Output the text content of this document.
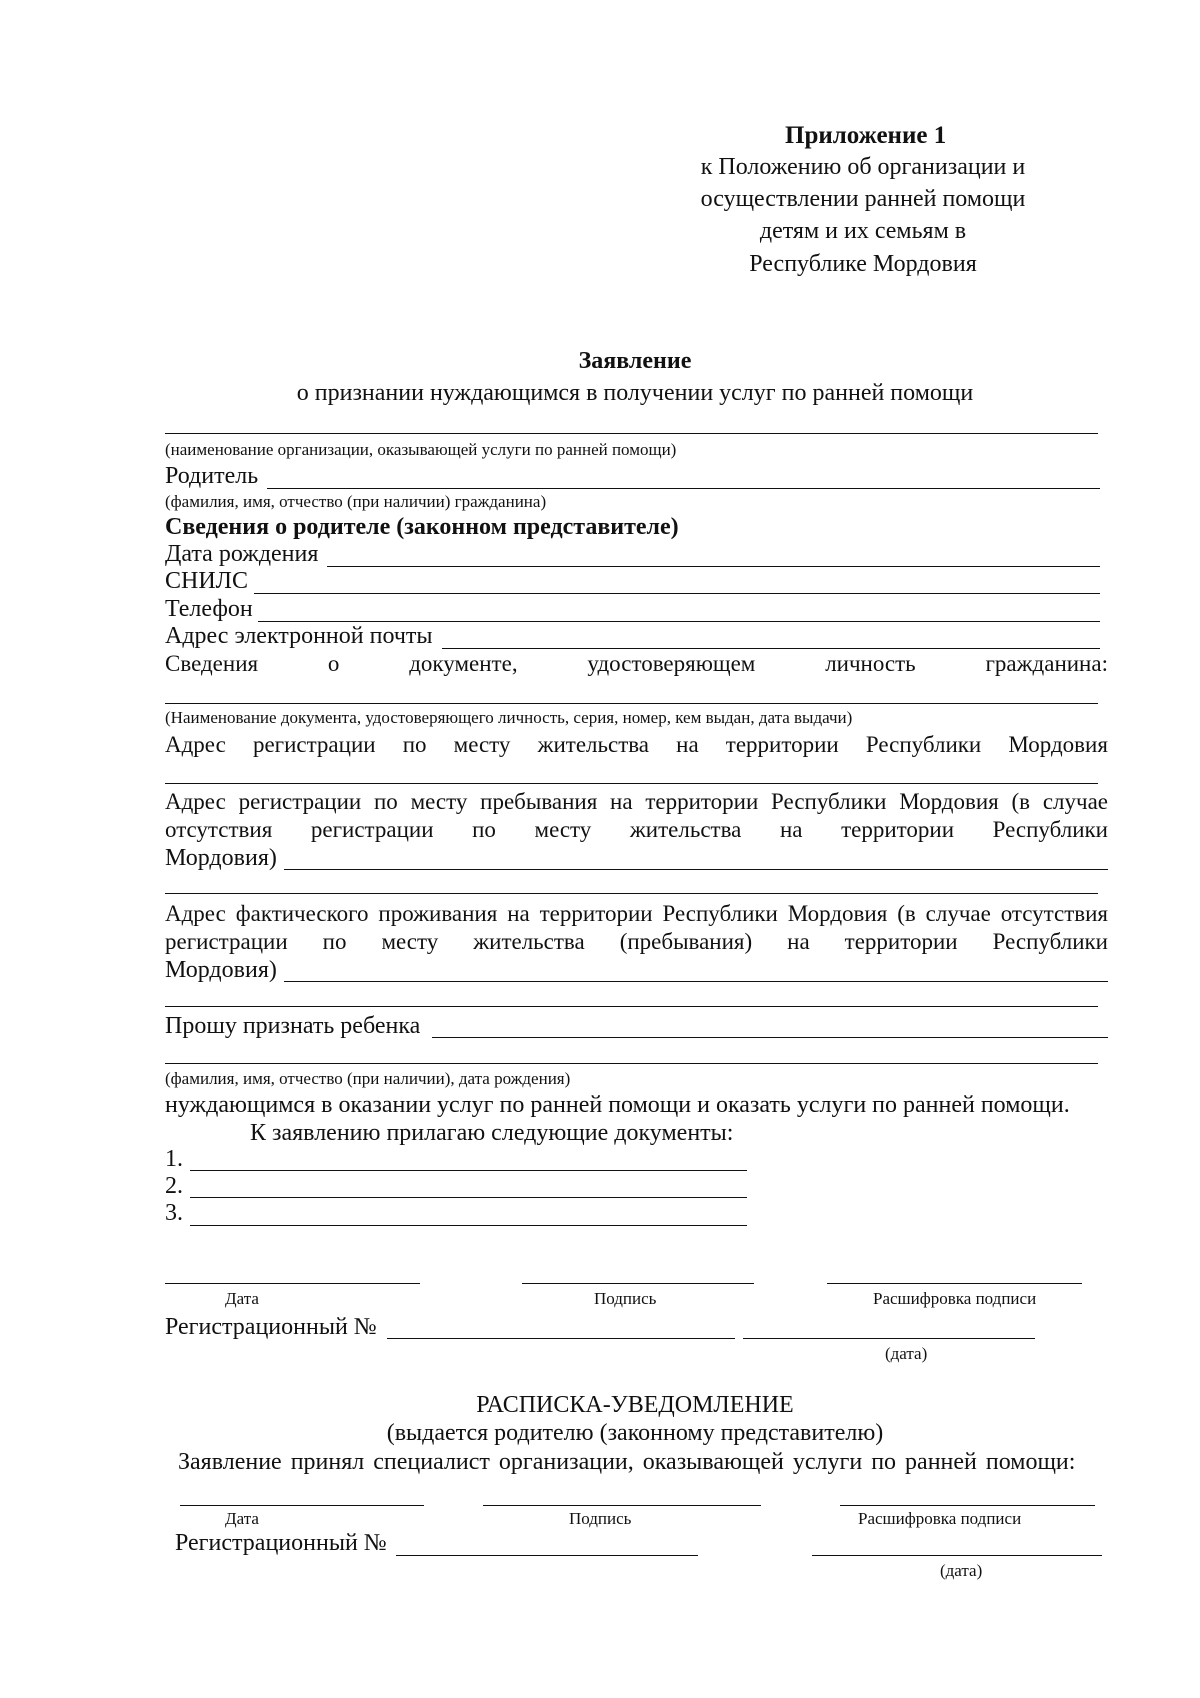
Приложение 1
к Положению об организации и
осуществлении ранней помощи
детям и их семьям в
Республике Мордовия
Заявление
о признании нуждающимся в получении услуг по ранней помощи
(наименование организации, оказывающей услуги по ранней помощи)
Родитель
(фамилия, имя, отчество (при наличии) гражданина)
Сведения о родителе (законном представителе)
Дата рождения
СНИЛС
Телефон
Адрес электронной почты
Сведения	о	документе,	удостоверяющем	личность	гражданина:
(Наименование документа, удостоверяющего личность, серия, номер, кем выдан, дата выдачи)
Адрес регистрации по месту жительства на территории Республики Мордовия
Адрес регистрации по месту пребывания на территории Республики Мордовия (в случае отсутствия регистрации по месту жительства на территории Республики
Мордовия)
Адрес фактического проживания на территории Республики Мордовия (в случае отсутствия регистрации по месту жительства (пребывания) на территории Республики
Мордовия)
Прошу признать ребенка
(фамилия, имя, отчество (при наличии), дата рождения)
нуждающимся в оказании услуг по ранней помощи и оказать услуги по ранней помощи.
К заявлению прилагаю следующие документы:
1.
2.
3.
Дата	Подпись	Расшифровка подписи
Регистрационный №
(дата)
РАСПИСКА-УВЕДОМЛЕНИЕ
(выдается родителю (законному представителю)
Заявление принял специалист организации, оказывающей услуги по ранней помощи:
Дата	Подпись	Расшифровка подписи
Регистрационный №
(дата)
